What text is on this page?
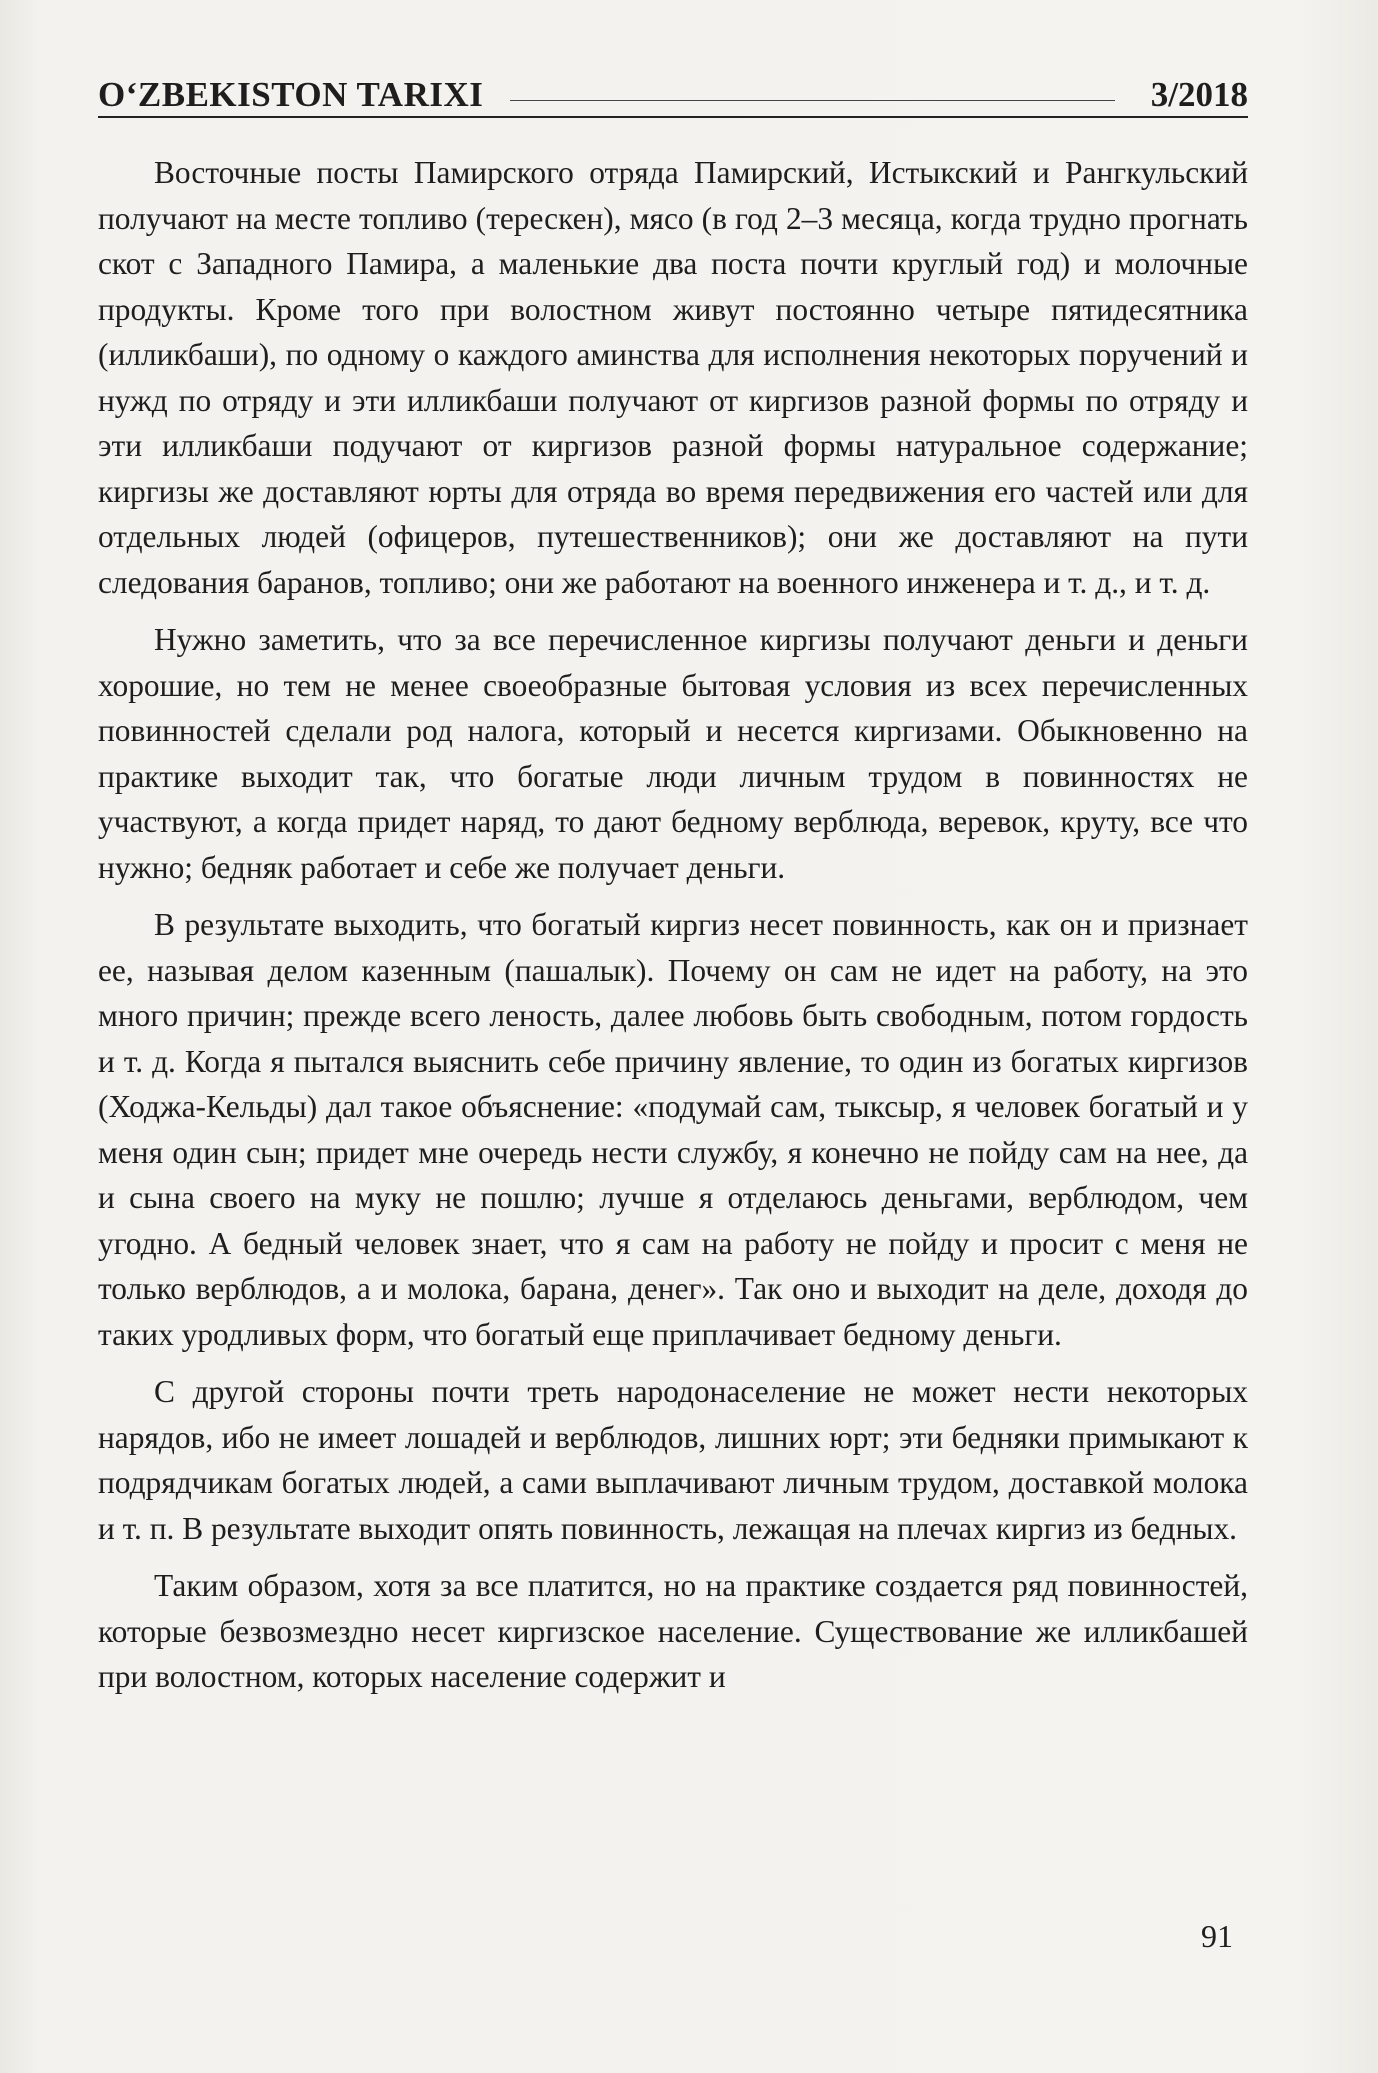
O‘ZBEKISTON TARIXI	3/2018

Восточные посты Памирского отряда Памирский, Истыкский и Рангкульский получают на месте топливо (терескен), мясо (в год 2–3 месяца, когда трудно прогнать скот с Западного Памира, а маленькие два поста почти круглый год) и молочные продукты. Кроме того при волостном живут постоянно четыре пятидесятника (илликбаши), по одному о каждого аминства для исполнения некоторых поручений и нужд по отряду и эти илликбаши получают от киргизов разной формы по отряду и эти илликбаши подучают от киргизов разной формы натуральное содержание; киргизы же доставляют юрты для отряда во время передвижения его частей или для отдельных людей (офицеров, путешественников); они же доставляют на пути следования баранов, топливо; они же работают на военного инженера и т. д., и т. д.

Нужно заметить, что за все перечисленное киргизы получают деньги и деньги хорошие, но тем не менее своеобразные бытовая условия из всех перечисленных повинностей сделали род налога, который и несется киргизами. Обыкновенно на практике выходит так, что богатые люди личным трудом в повинностях не участвуют, а когда придет наряд, то дают бедному верблюда, веревок, круту, все что нужно; бедняк работает и себе же получает деньги.

В результате выходить, что богатый киргиз несет повинность, как он и признает ее, называя делом казенным (пашалык). Почему он сам не идет на работу, на это много причин; прежде всего леность, далее любовь быть свободным, потом гордость и т. д. Когда я пытался выяснить себе причину явление, то один из богатых киргизов (Ходжа-Кельды) дал такое объяснение: «подумай сам, тыксыр, я человек богатый и у меня один сын; придет мне очередь нести службу, я конечно не пойду сам на нее, да и сына своего на муку не пошлю; лучше я отделаюсь деньгами, верблюдом, чем угодно. А бедный человек знает, что я сам на работу не пойду и просит с меня не только верблюдов, а и молока, барана, денег». Так оно и выходит на деле, доходя до таких уродливых форм, что богатый еще приплачивает бедному деньги.

С другой стороны почти треть народонаселение не может нести некоторых нарядов, ибо не имеет лошадей и верблюдов, лишних юрт; эти бедняки примыкают к подрядчикам богатых людей, а сами выплачивают личным трудом, доставкой молока и т. п. В результате выходит опять повинность, лежащая на плечах киргиз из бедных.

Таким образом, хотя за все платится, но на практике создается ряд повинностей, которые безвозмездно несет киргизское население. Существование же илликбашей при волостном, которых население содержит и

91
